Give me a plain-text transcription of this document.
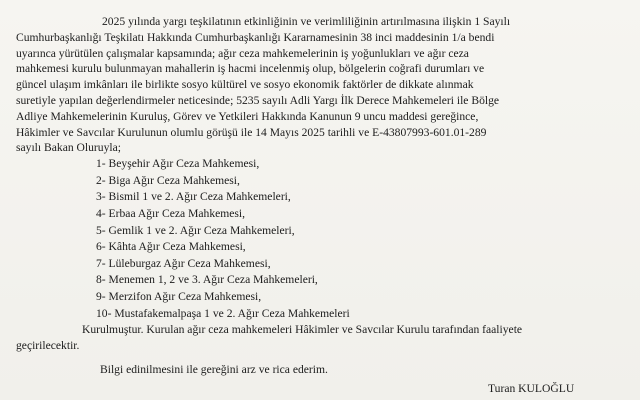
2025 yılında yargı teşkilatının etkinliğinin ve verimliliğinin artırılmasına ilişkin 1 Sayılı
Cumhurbaşkanlığı Teşkilatı Hakkında Cumhurbaşkanlığı Kararnamesinin 38 inci maddesinin 1/a bendi
uyarınca yürütülen çalışmalar kapsamında; ağır ceza mahkemelerinin iş yoğunlukları ve ağır ceza
mahkemesi kurulu bulunmayan mahallerin iş hacmi incelenmiş olup, bölgelerin coğrafi durumları ve
güncel ulaşım imkânları ile birlikte sosyo kültürel ve sosyo ekonomik faktörler de dikkate alınmak
suretiyle yapılan değerlendirmeler neticesinde; 5235 sayılı Adli Yargı İlk Derece Mahkemeleri ile Bölge
Adliye Mahkemelerinin Kuruluş, Görev ve Yetkileri Hakkında Kanunun 9 uncu maddesi gereğince,
Hâkimler ve Savcılar Kurulunun olumlu görüşü ile 14 Mayıs 2025 tarihli ve E-43807993-601.01-289
sayılı Bakan Oluruyla;
1- Beyşehir Ağır Ceza Mahkemesi,
2- Biga Ağır Ceza Mahkemesi,
3- Bismil 1 ve 2. Ağır Ceza Mahkemeleri,
4- Erbaa Ağır Ceza Mahkemesi,
5- Gemlik 1 ve 2. Ağır Ceza Mahkemeleri,
6- Kâhta Ağır Ceza Mahkemesi,
7- Lüleburgaz Ağır Ceza Mahkemesi,
8- Menemen 1, 2 ve 3. Ağır Ceza Mahkemeleri,
9- Merzifon Ağır Ceza Mahkemesi,
10- Mustafakemalpaşa 1 ve 2. Ağır Ceza Mahkemeleri
Kurulmuştur. Kurulan ağır ceza mahkemeleri Hâkimler ve Savcılar Kurulu tarafından faaliyete
geçirilecektir.

Bilgi edinilmesini ile gereğini arz ve rica ederim.

Turan KULOĞLU
